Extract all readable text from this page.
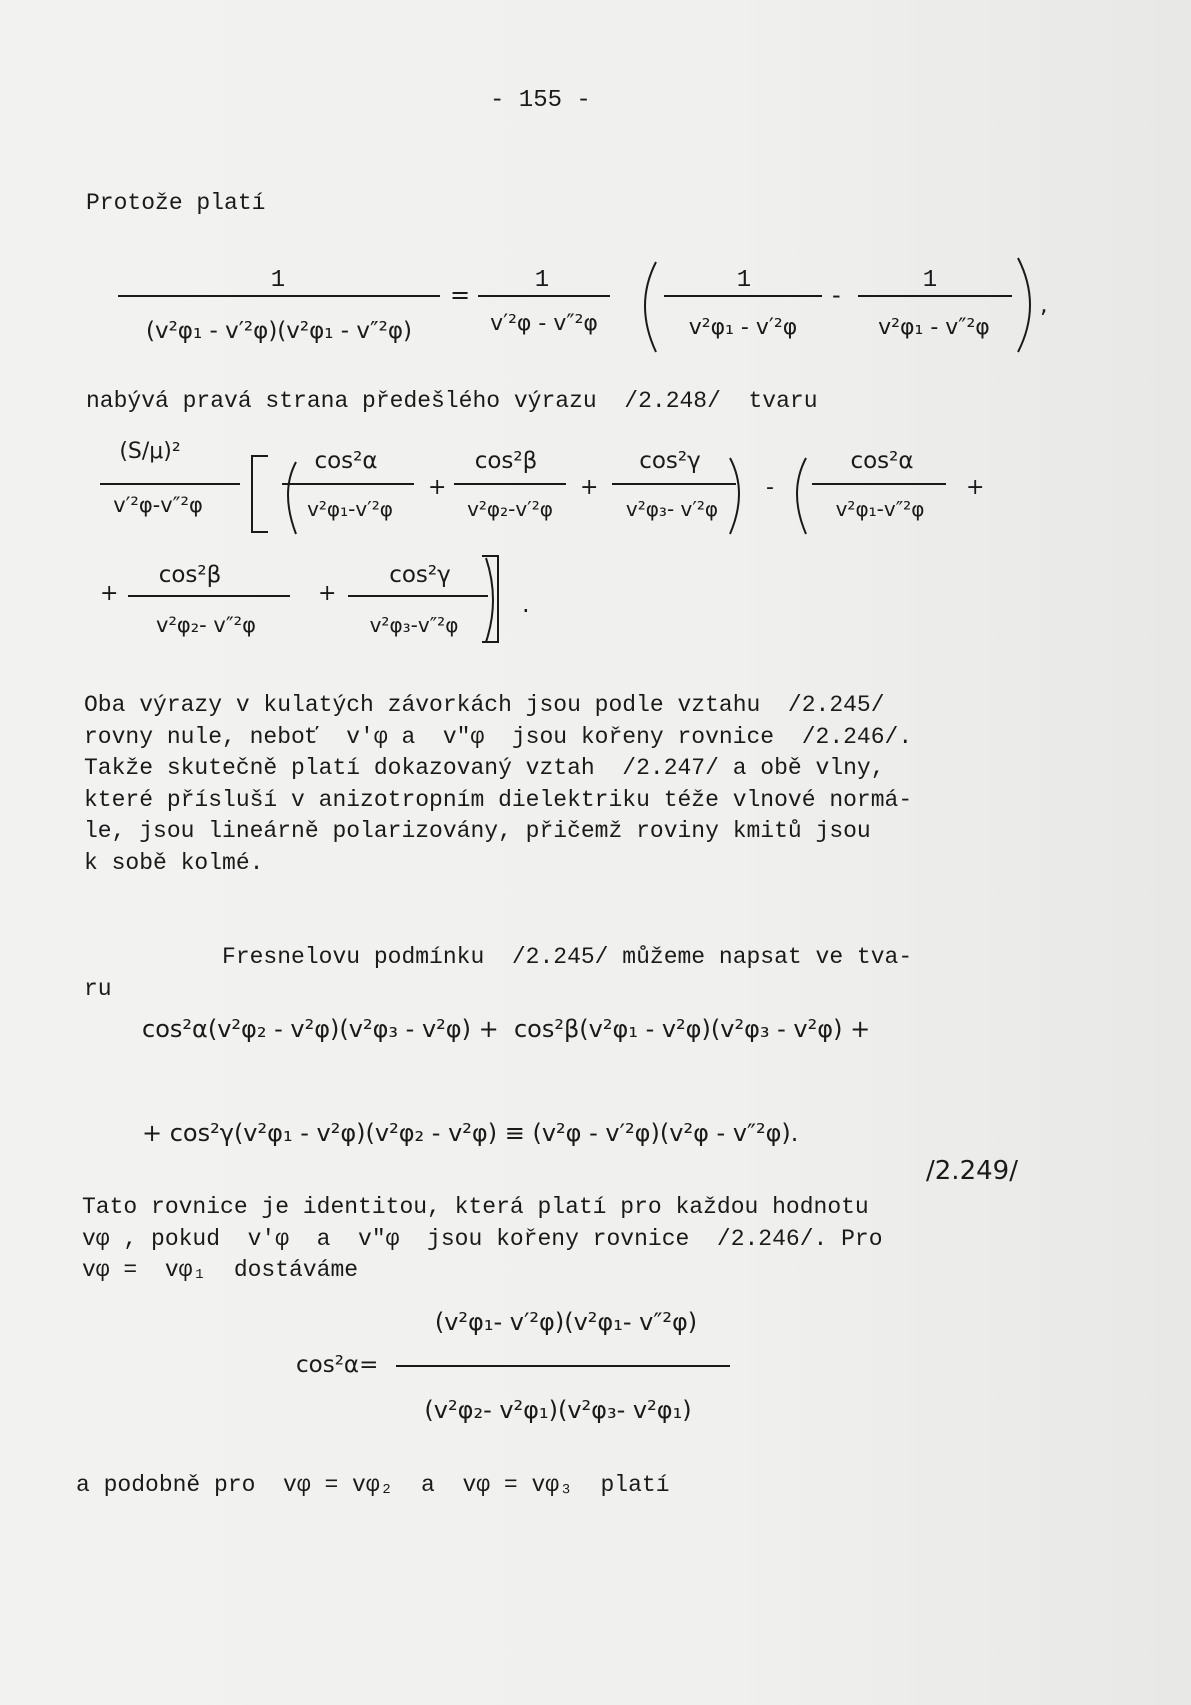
- 155 -
Protože platí
1
(v²φ₁ - v′²φ)(v²φ₁ - v″²φ)
=
1
v′²φ - v″²φ
1
v²φ₁ - v′²φ
-
1
v²φ₁ - v″²φ
,
(S/μ)²
v′²φ-v″²φ
cos²α
v²φ₁-v′²φ
+
cos²β
v²φ₂-v′²φ
+
cos²γ
v²φ₃- v′²φ
-
cos²α
v²φ₁-v″²φ
+
+
cos²β
v²φ₂- v″²φ
+
cos²γ
v²φ₃-v″²φ
.
cos²α=
(v²φ₁- v′²φ)(v²φ₁- v″²φ)
(v²φ₂- v²φ₁)(v²φ₃- v²φ₁)
nabývá pravá strana předešlého výrazu  /2.248/  tvaru
Oba výrazy v kulatých závorkách jsou podle vztahu  /2.245/
rovny nule, neboť  v′φ a  v″φ  jsou kořeny rovnice  /2.246/.
Takže skutečně platí dokazovaný vztah  /2.247/ a obě vlny,
které přísluší v anizotropním dielektriku téže vlnové normá-
le, jsou lineárně polarizovány, přičemž roviny kmitů jsou
k sobě kolmé.
Fresnelovu podmínku  /2.245/ můžeme napsat ve tva-
ru
cos²α(v²φ₂ - v²φ)(v²φ₃ - v²φ) +  cos²β(v²φ₁ - v²φ)(v²φ₃ - v²φ) +
+ cos²γ(v²φ₁ - v²φ)(v²φ₂ - v²φ) ≡ (v²φ - v′²φ)(v²φ - v″²φ).
/2.249/
Tato rovnice je identitou, která platí pro každou hodnotu
vφ , pokud  v′φ  a  v″φ  jsou kořeny rovnice  /2.246/. Pro
vφ =  vφ₁  dostáváme
a podobně pro  vφ = vφ₂  a  vφ = vφ₃  platí
